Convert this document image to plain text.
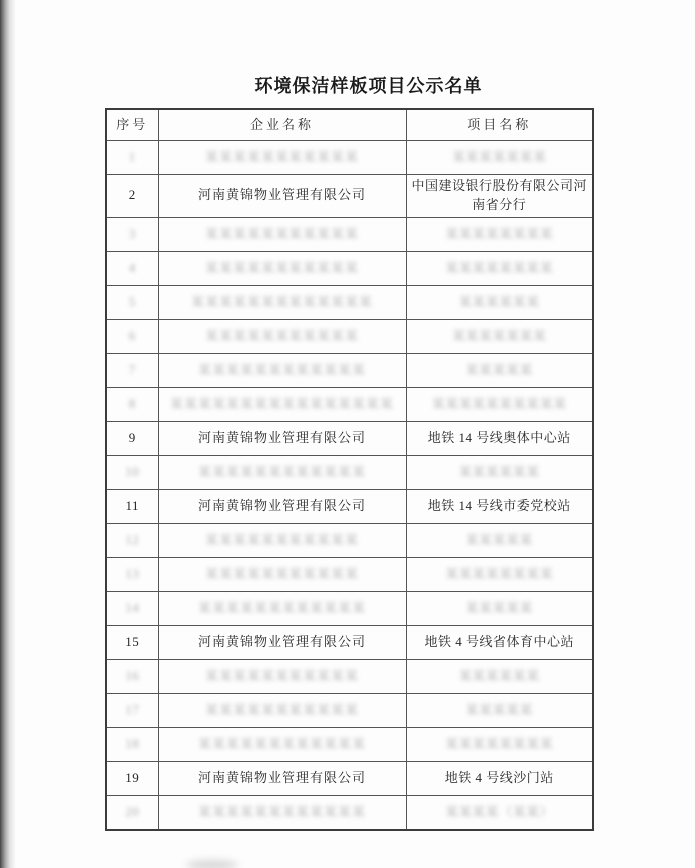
环境保洁样板项目公示名单
序号	企业名称	项目名称
1	某某某某某某某某某某某	某某某某某某某
2	河南黄锦物业管理有限公司	中国建设银行股份有限公司河南省分行
3	某某某某某某某某某某某	某某某某某某某某
4	某某某某某某某某某某某	某某某某某某某某
5	某某某某某某某某某某某某某	某某某某某某
6	某某某某某某某某某某某	某某某某某某某
7	某某某某某某某某某某某某	某某某某某
8	某某某某某某某某某某某某某某某某	某某某某某某某某某某
9	河南黄锦物业管理有限公司	地铁 14 号线奥体中心站
10	某某某某某某某某某某某某	某某某某某某
11	河南黄锦物业管理有限公司	地铁 14 号线市委党校站
12	某某某某某某某某某某某	某某某某某
13	某某某某某某某某某某某	某某某某某某某某
14	某某某某某某某某某某某某	某某某某某
15	河南黄锦物业管理有限公司	地铁 4 号线省体育中心站
16	某某某某某某某某某某某	某某某某某某
17	某某某某某某某某某某某	某某某某某
18	某某某某某某某某某某某某	某某某某某某某某
19	河南黄锦物业管理有限公司	地铁 4 号线沙门站
20	某某某某某某某某某某某某	某某某某（某某）
